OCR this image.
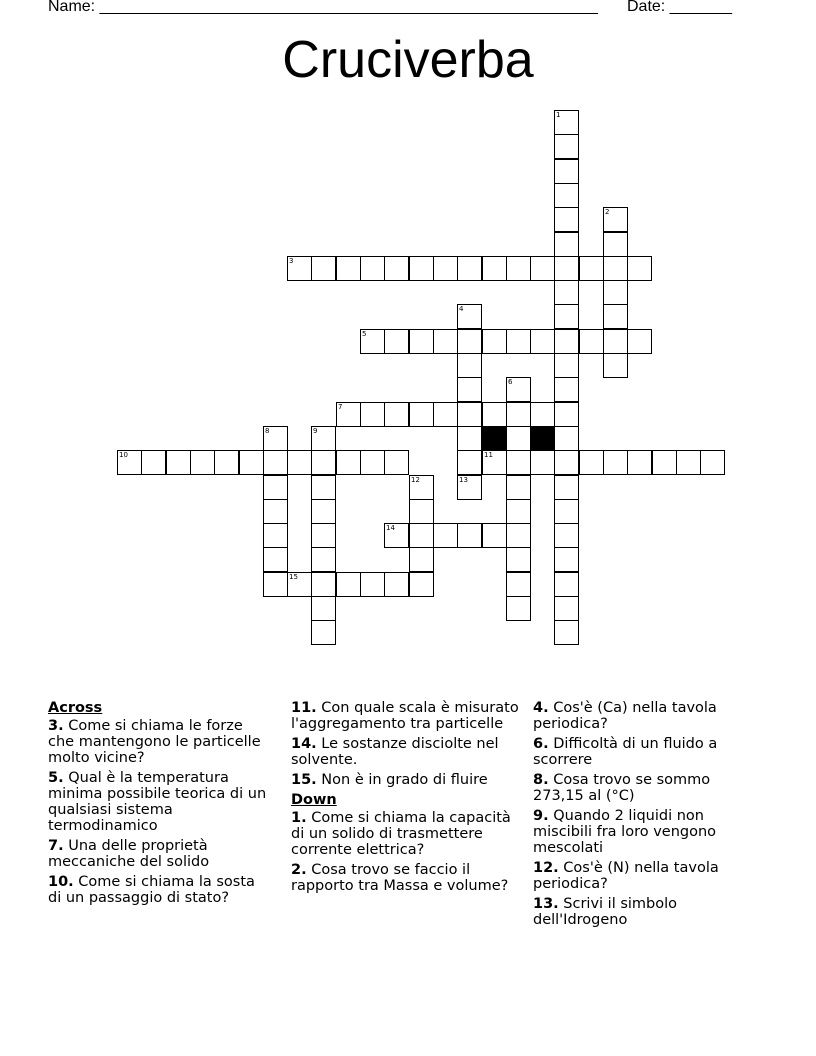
Name: ________________________________________________________ Date: _______
Cruciverba
1
2
3
4
13
5
6
7
8	9
10	11
12
14
15
Across
3. Come si chiama le forze che mantengono le particelle molto vicine?
5. Qual è la temperatura minima possibile teorica di un qualsiasi sistema termodinamico
7. Una delle proprietà meccaniche del solido
10. Come si chiama la sosta di un passaggio di stato?
11. Con quale scala è misurato l'aggregamento tra particelle
14. Le sostanze disciolte nel solvente.
15. Non è in grado di fluire
Down
1. Come si chiama la capacità di un solido di trasmettere corrente elettrica?
2. Cosa trovo se faccio il rapporto tra Massa e volume?
4. Cos'è (Ca) nella tavola periodica?
6. Difficoltà di un fluido a scorrere
8. Cosa trovo se sommo 273,15 al (°C)
9. Quando 2 liquidi non miscibili fra loro vengono mescolati
12. Cos'è (N) nella tavola periodica?
13. Scrivi il simbolo dell'Idrogeno
